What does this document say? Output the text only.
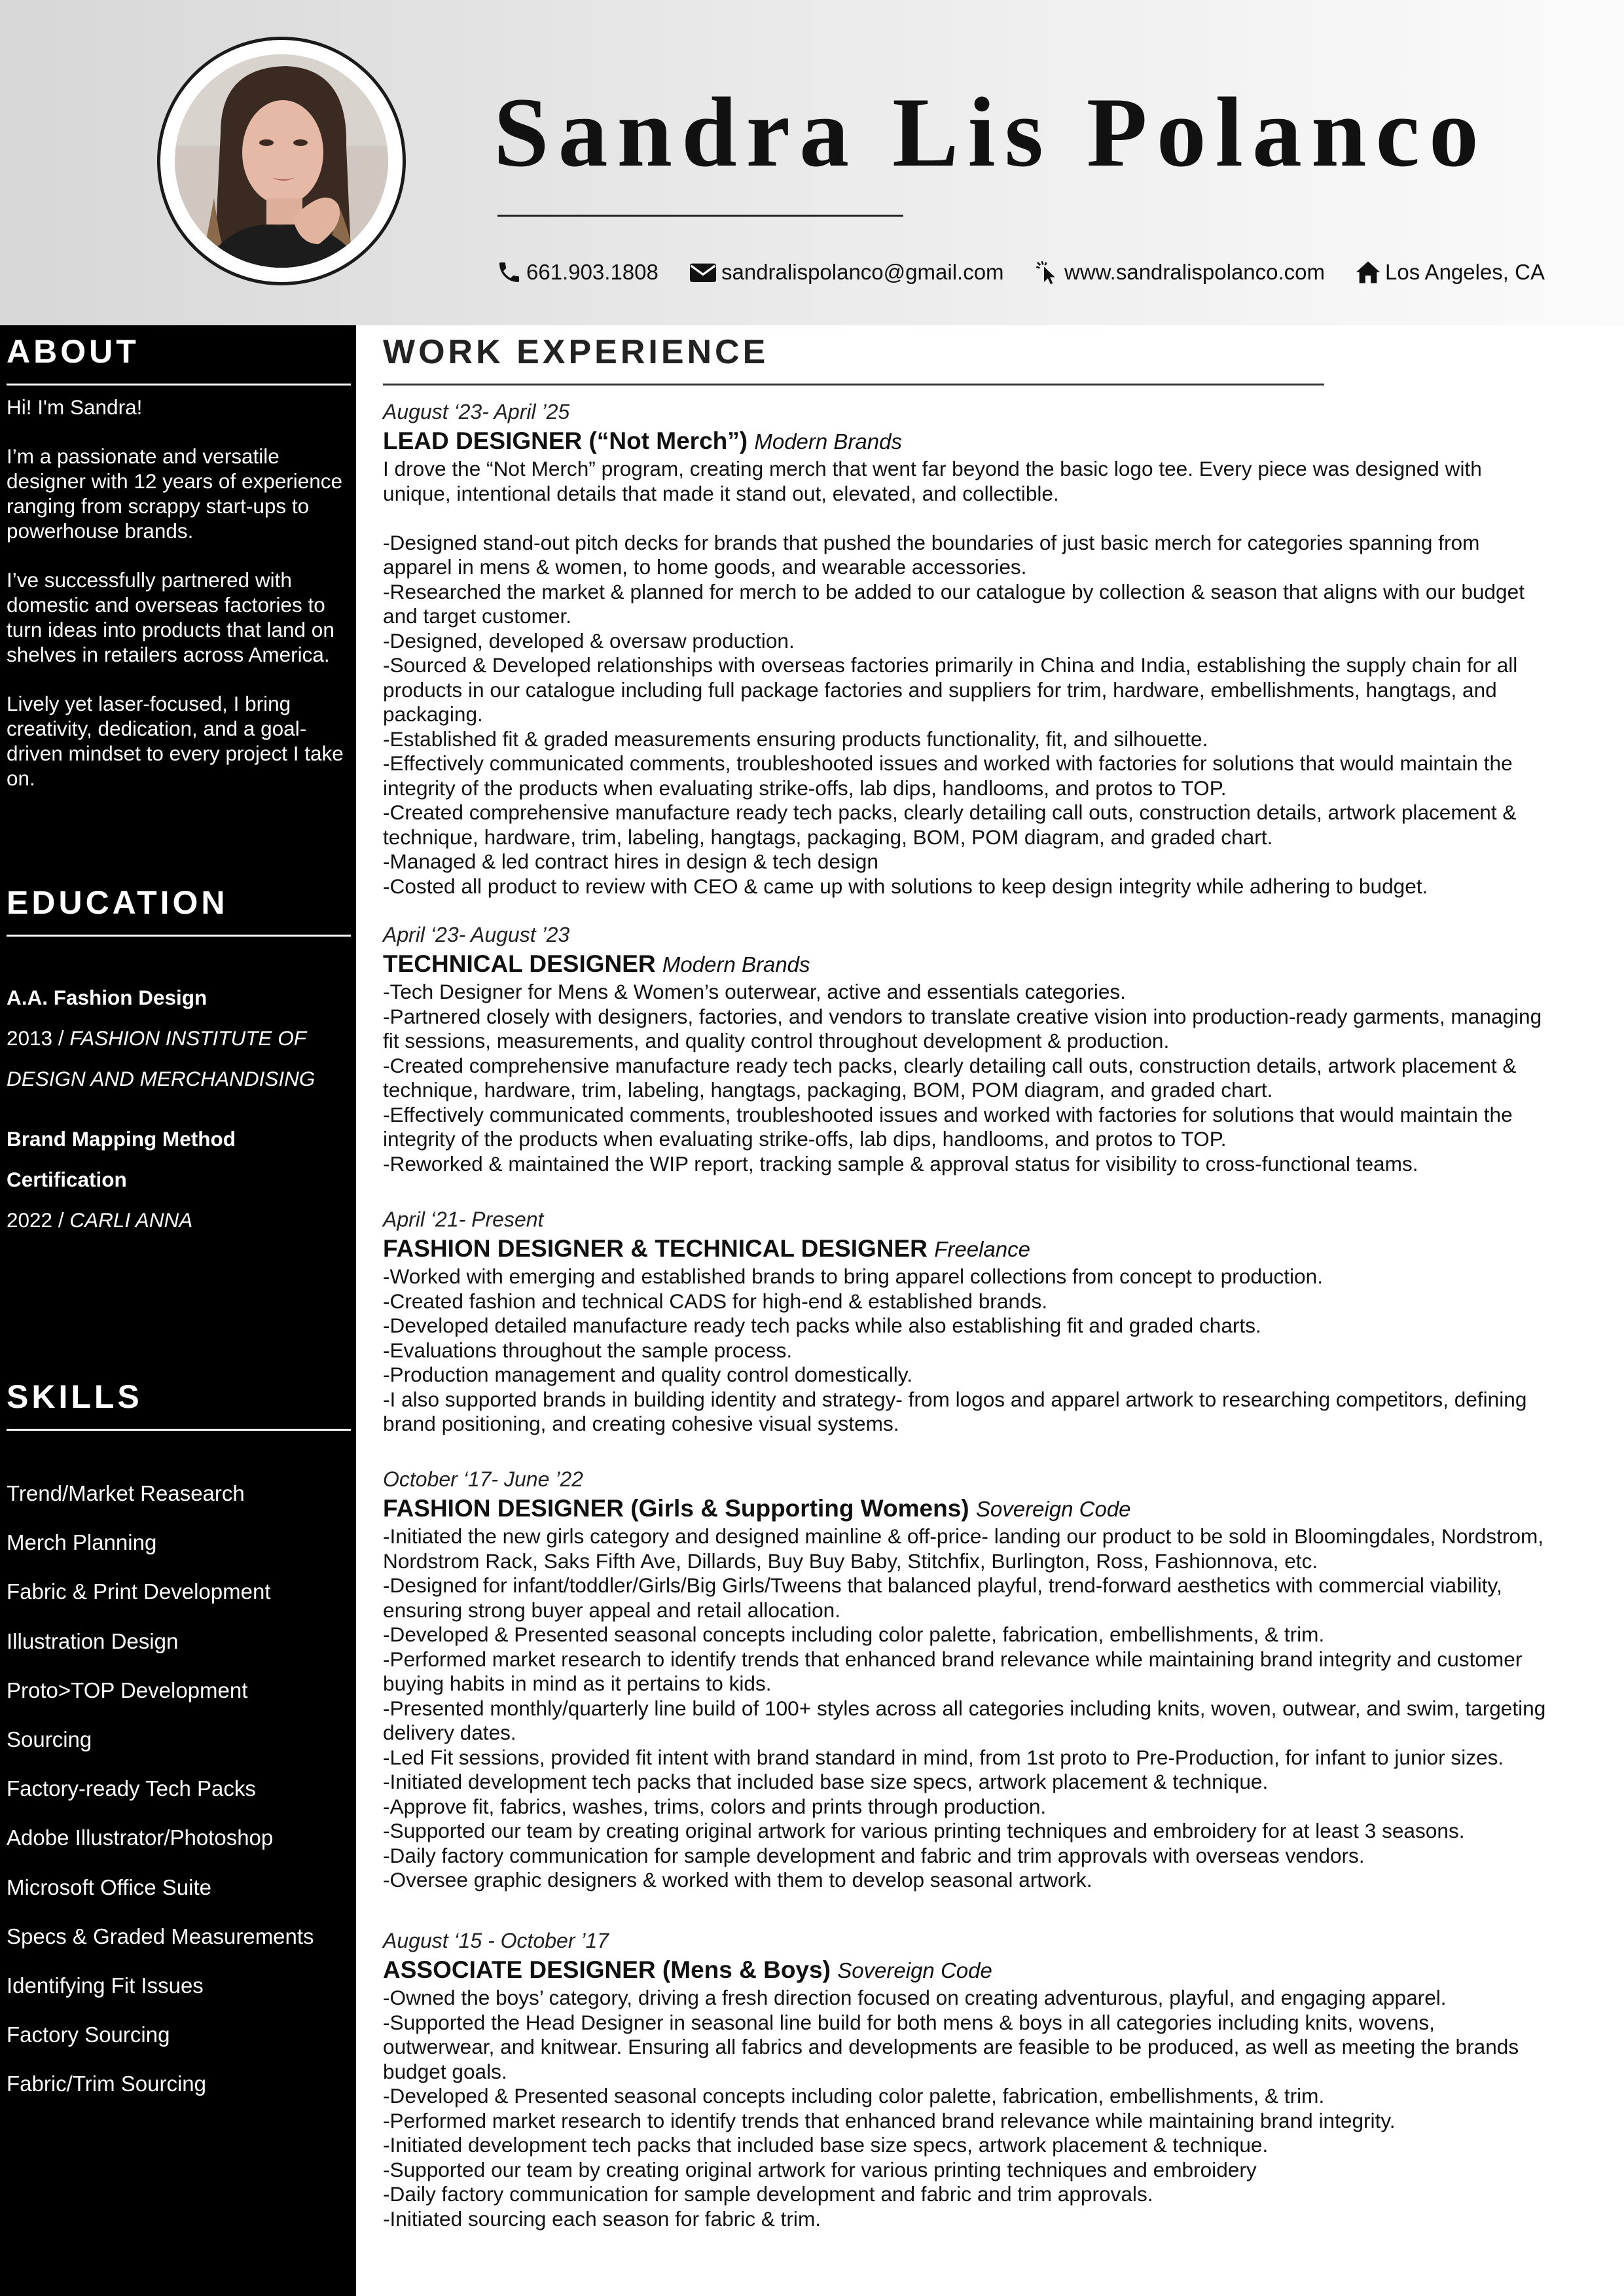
Sandra Lis Polanco
661.903.1808	sandralispolanco@gmail.com	www.sandralispolanco.com	Los Angeles, CA
ABOUT

Hi! I'm Sandra!

I’m a passionate and versatile designer with 12 years of experience ranging from scrappy start-ups to powerhouse brands.

I’ve successfully partnered with domestic and overseas factories to turn ideas into products that land on shelves in retailers across America.

Lively yet laser-focused, I bring creativity, dedication, and a goal-driven mindset to every project I take on.

EDUCATION
A.A. Fashion Design
2013 / FASHION INSTITUTE OF
DESIGN AND MERCHANDISING
Brand Mapping Method
Certification
2022 / CARLI ANNA
SKILLS
Trend/Market Reasearch
Merch Planning
Fabric & Print Development
Illustration Design
Proto>TOP Development
Sourcing
Factory-ready Tech Packs
Adobe Illustrator/Photoshop
Microsoft Office Suite
Specs & Graded Measurements
Identifying Fit Issues
Factory Sourcing
Fabric/Trim Sourcing
WORK EXPERIENCE
August ‘23- April ’25
LEAD DESIGNER (“Not Merch”) Modern Brands
I drove the “Not Merch” program, creating merch that went far beyond the basic logo tee. Every piece was designed with
unique, intentional details that made it stand out, elevated, and collectible.
-Designed stand-out pitch decks for brands that pushed the boundaries of just basic merch for categories spanning from
apparel in mens & women, to home goods, and wearable accessories.
-Researched the market & planned for merch to be added to our catalogue by collection & season that aligns with our budget
and target customer.
-Designed, developed & oversaw production.
-Sourced & Developed relationships with overseas factories primarily in China and India, establishing the supply chain for all
products in our catalogue including full package factories and suppliers for trim, hardware, embellishments, hangtags, and
packaging.
-Established fit & graded measurements ensuring products functionality, fit, and silhouette.
-Effectively communicated comments, troubleshooted issues and worked with factories for solutions that would maintain the
integrity of the products when evaluating strike-offs, lab dips, handlooms, and protos to TOP.
-Created comprehensive manufacture ready tech packs, clearly detailing call outs, construction details, artwork placement &
technique, hardware, trim, labeling, hangtags, packaging, BOM, POM diagram, and graded chart.
-Managed & led contract hires in design & tech design
-Costed all product to review with CEO & came up with solutions to keep design integrity while adhering to budget.
April ‘23- August ’23
TECHNICAL DESIGNER Modern Brands
-Tech Designer for Mens & Women’s outerwear, active and essentials categories.
-Partnered closely with designers, factories, and vendors to translate creative vision into production-ready garments, managing
fit sessions, measurements, and quality control throughout development & production.
-Created comprehensive manufacture ready tech packs, clearly detailing call outs, construction details, artwork placement &
technique, hardware, trim, labeling, hangtags, packaging, BOM, POM diagram, and graded chart.
-Effectively communicated comments, troubleshooted issues and worked with factories for solutions that would maintain the
integrity of the products when evaluating strike-offs, lab dips, handlooms, and protos to TOP.
-Reworked & maintained the WIP report, tracking sample & approval status for visibility to cross-functional teams.
April ‘21- Present
FASHION DESIGNER & TECHNICAL DESIGNER Freelance
-Worked with emerging and established brands to bring apparel collections from concept to production.
-Created fashion and technical CADS for high-end & established brands.
-Developed detailed manufacture ready tech packs while also establishing fit and graded charts.
-Evaluations throughout the sample process.
-Production management and quality control domestically.
-I also supported brands in building identity and strategy- from logos and apparel artwork to researching competitors, defining
brand positioning, and creating cohesive visual systems.
October ‘17- June ’22
FASHION DESIGNER (Girls & Supporting Womens) Sovereign Code
-Initiated the new girls category and designed mainline & off-price- landing our product to be sold in Bloomingdales, Nordstrom,
Nordstrom Rack, Saks Fifth Ave, Dillards, Buy Buy Baby, Stitchfix, Burlington, Ross, Fashionnova, etc.
-Designed for infant/toddler/Girls/Big Girls/Tweens that balanced playful, trend-forward aesthetics with commercial viability,
ensuring strong buyer appeal and retail allocation.
-Developed & Presented seasonal concepts including color palette, fabrication, embellishments, & trim.
-Performed market research to identify trends that enhanced brand relevance while maintaining brand integrity and customer
buying habits in mind as it pertains to kids.
-Presented monthly/quarterly line build of 100+ styles across all categories including knits, woven, outwear, and swim, targeting
delivery dates.
-Led Fit sessions, provided fit intent with brand standard in mind, from 1st proto to Pre-Production, for infant to junior sizes.
-Initiated development tech packs that included base size specs, artwork placement & technique.
-Approve fit, fabrics, washes, trims, colors and prints through production.
-Supported our team by creating original artwork for various printing techniques and embroidery for at least 3 seasons.
-Daily factory communication for sample development and fabric and trim approvals with overseas vendors.
-Oversee graphic designers & worked with them to develop seasonal artwork.
August ‘15 - October ’17
ASSOCIATE DESIGNER (Mens & Boys) Sovereign Code
-Owned the boys’ category, driving a fresh direction focused on creating adventurous, playful, and engaging apparel.
-Supported the Head Designer in seasonal line build for both mens & boys in all categories including knits, wovens,
outwerwear, and knitwear. Ensuring all fabrics and developments are feasible to be produced, as well as meeting the brands
budget goals.
-Developed & Presented seasonal concepts including color palette, fabrication, embellishments, & trim.
-Performed market research to identify trends that enhanced brand relevance while maintaining brand integrity.
-Initiated development tech packs that included base size specs, artwork placement & technique.
-Supported our team by creating original artwork for various printing techniques and embroidery
-Daily factory communication for sample development and fabric and trim approvals.
-Initiated sourcing each season for fabric & trim.
